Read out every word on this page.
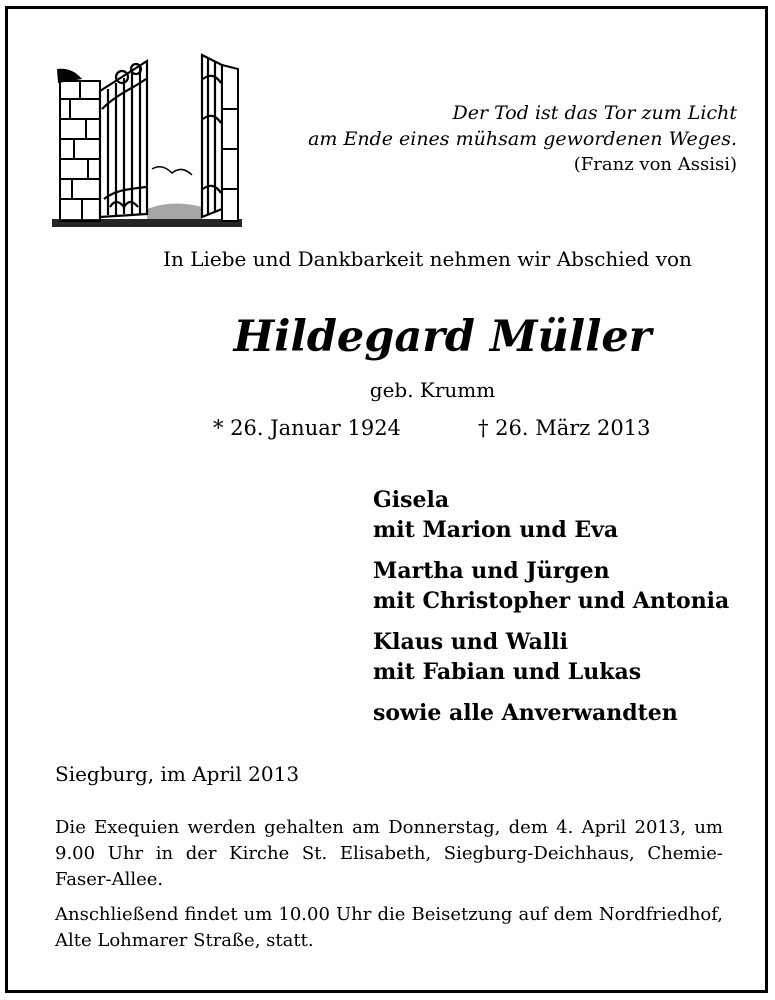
Der Tod ist das Tor zum Licht
am Ende eines mühsam gewordenen Weges.
(Franz von Assisi)
In Liebe und Dankbarkeit nehmen wir Abschied von
Hildegard Müller
geb. Krumm
* 26. Januar 1924	† 26. März 2013
Gisela
mit Marion und Eva
Martha und Jürgen
mit Christopher und Antonia
Klaus und Walli
mit Fabian und Lukas
sowie alle Anverwandten
Siegburg, im April 2013
Die Exequien werden gehalten am Donnerstag, dem 4. April 2013, um 9.00 Uhr in der Kirche St. Elisabeth, Siegburg-Deichhaus, Chemie-Faser-Allee.
Anschließend findet um 10.00 Uhr die Beisetzung auf dem Nordfriedhof, Alte Lohmarer Straße, statt.
